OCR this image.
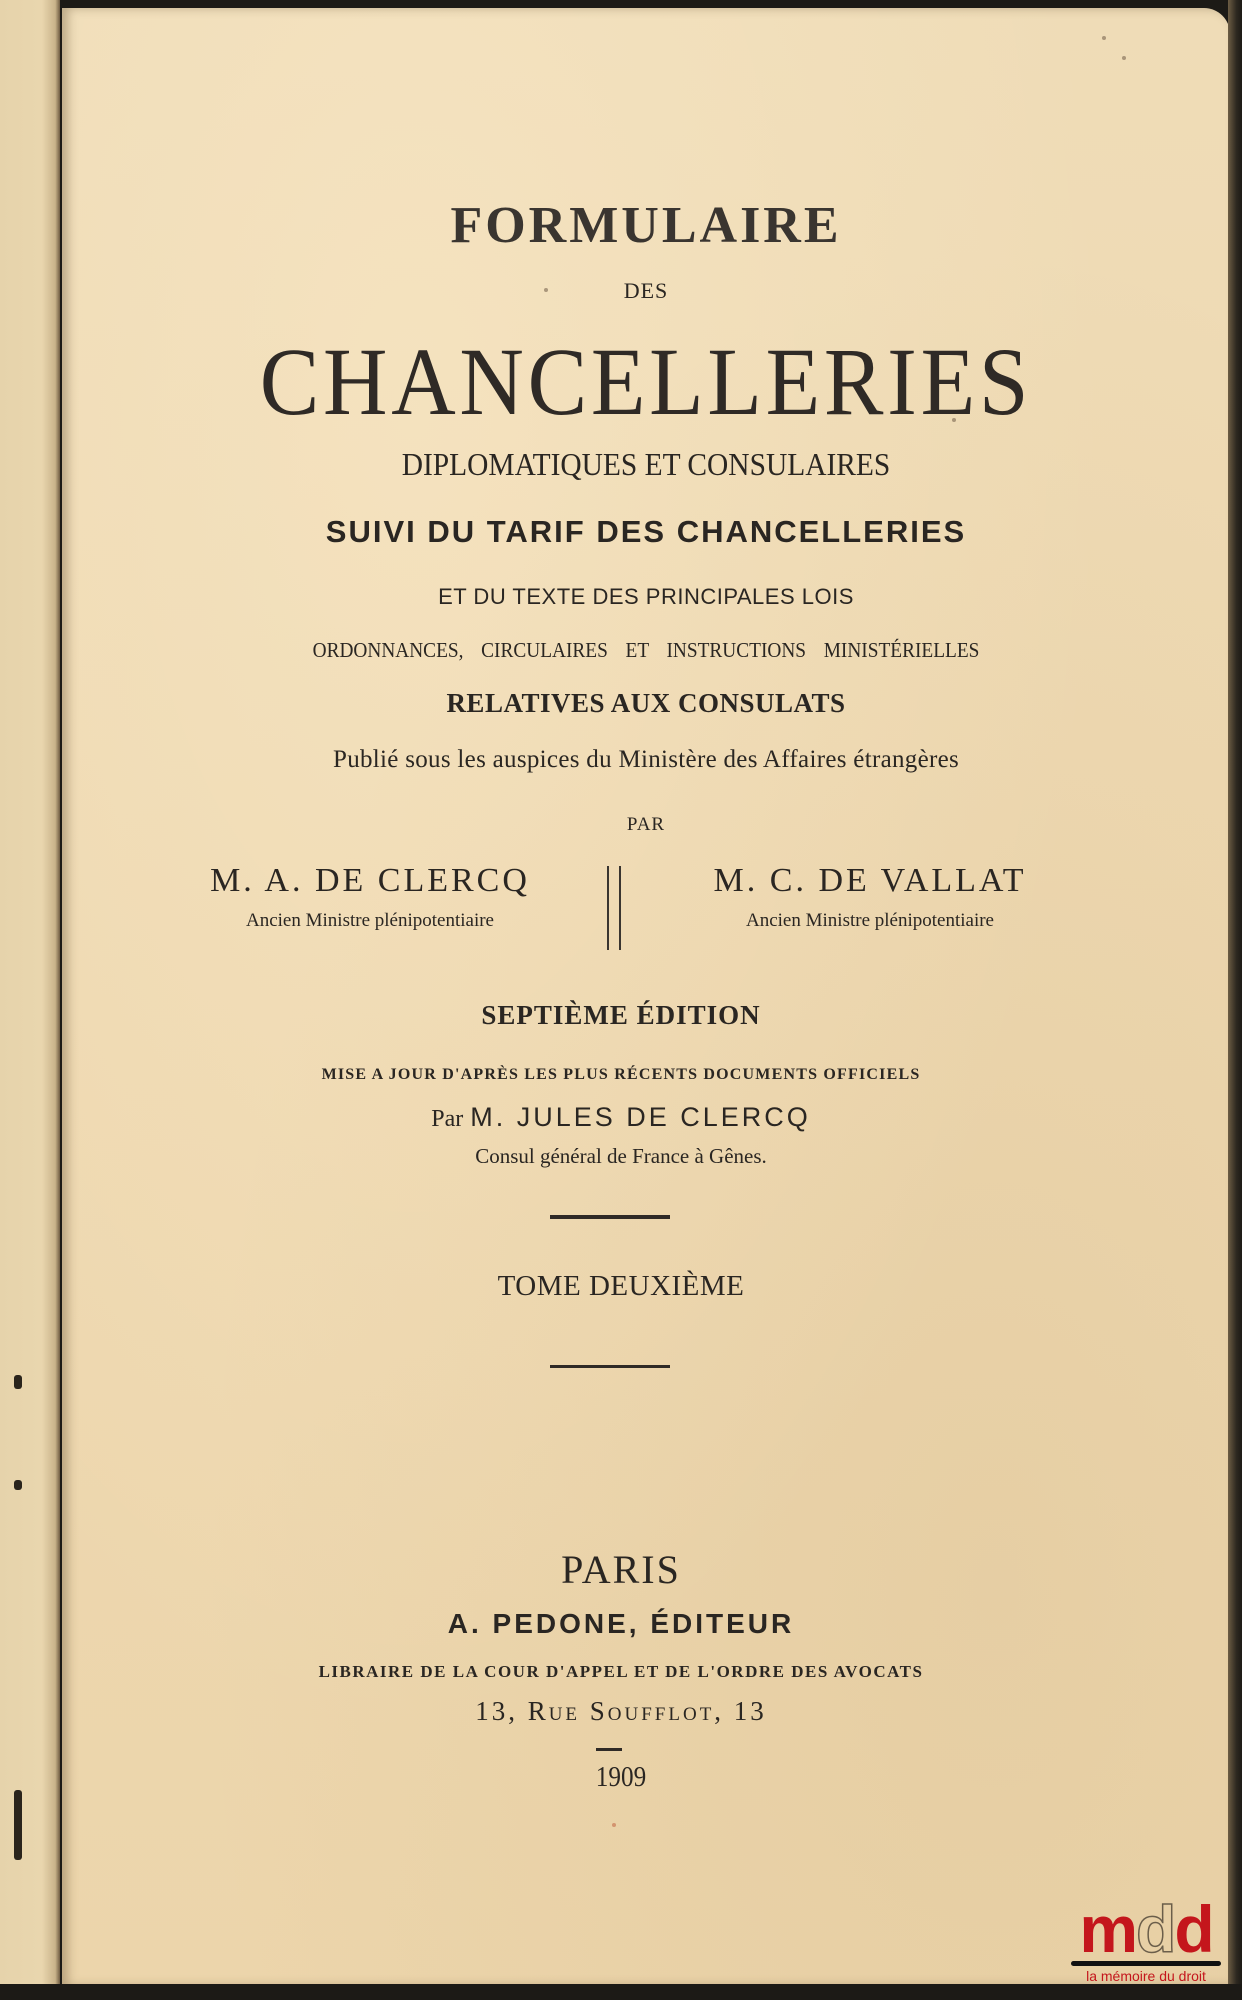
FORMULAIRE
DES
CHANCELLERIES
DIPLOMATIQUES ET CONSULAIRES
SUIVI DU TARIF DES CHANCELLERIES
ET DU TEXTE DES PRINCIPALES LOIS
ORDONNANCES, CIRCULAIRES ET INSTRUCTIONS MINISTÉRIELLES
RELATIVES AUX CONSULATS
Publié sous les auspices du Ministère des Affaires étrangères
PAR
M. A. DE CLERCQ
Ancien Ministre plénipotentiaire
M. C. DE VALLAT
Ancien Ministre plénipotentiaire
SEPTIÈME ÉDITION
MISE A JOUR D'APRÈS LES PLUS RÉCENTS DOCUMENTS OFFICIELS
Par M. JULES DE CLERCQ
Consul général de France à Gênes.
TOME DEUXIÈME
PARIS
A. PEDONE, ÉDITEUR
LIBRAIRE DE LA COUR D'APPEL ET DE L'ORDRE DES AVOCATS
13, Rue Soufflot, 13
1909
mdd
la mémoire du droit
